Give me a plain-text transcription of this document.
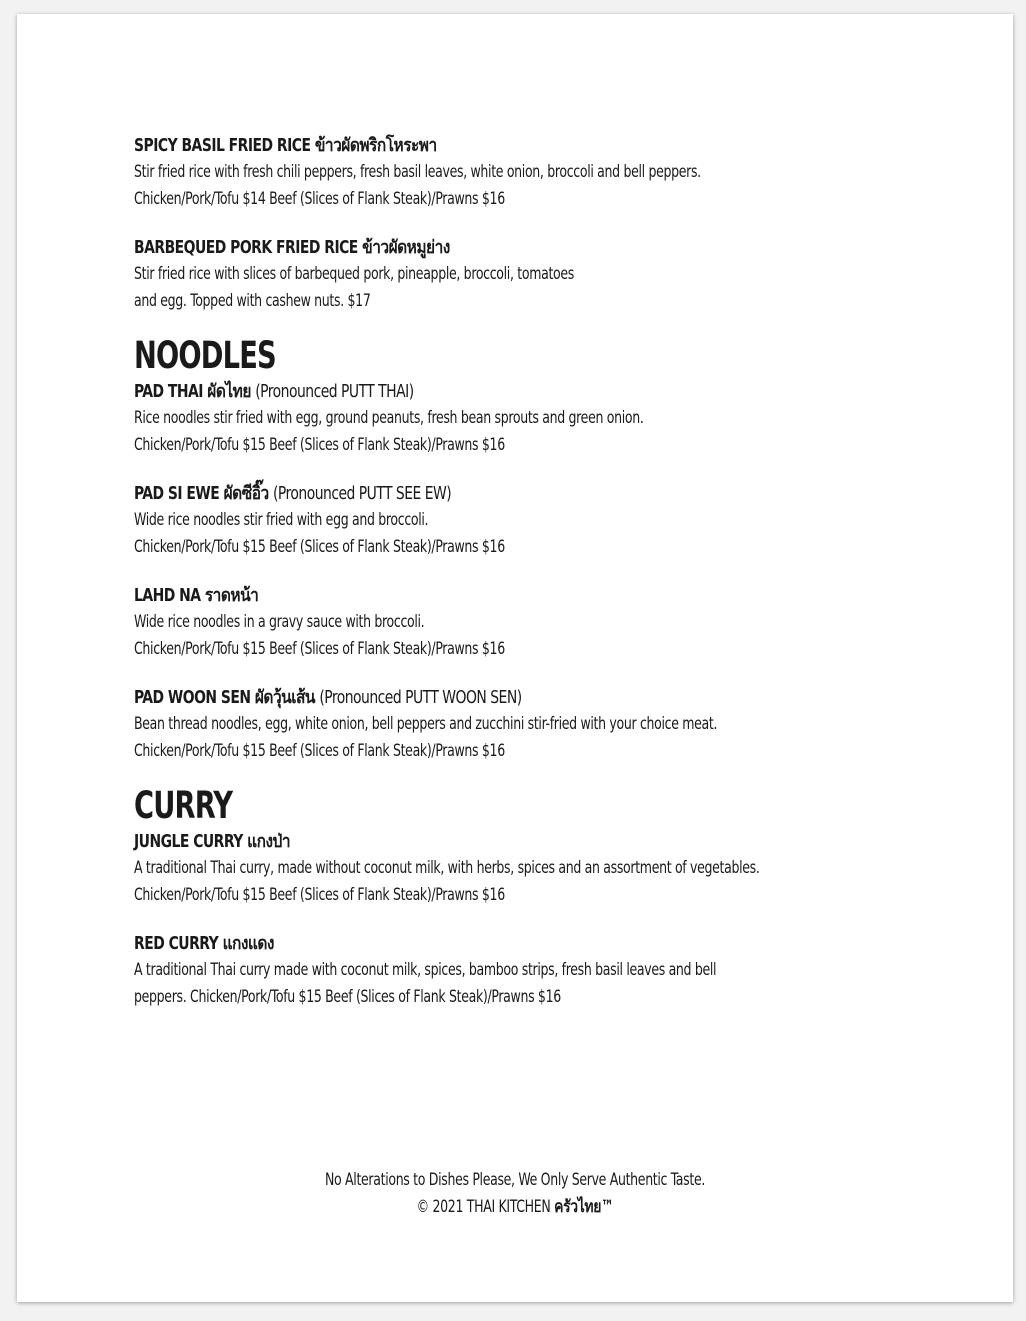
SPICY BASIL FRIED RICE ข้าวผัดพริกโหระพา
Stir fried rice with fresh chili peppers, fresh basil leaves, white onion, broccoli and bell peppers.
Chicken/Pork/Tofu $14 Beef (Slices of Flank Steak)/Prawns $16
BARBEQUED PORK FRIED RICE ข้าวผัดหมูย่าง
Stir fried rice with slices of barbequed pork, pineapple, broccoli, tomatoes
and egg. Topped with cashew nuts. $17
NOODLES
PAD THAI ผัดไทย (Pronounced PUTT THAI)
Rice noodles stir fried with egg, ground peanuts, fresh bean sprouts and green onion.
Chicken/Pork/Tofu $15 Beef (Slices of Flank Steak)/Prawns $16
PAD SI EWE ผัดซีอิ๊ว (Pronounced PUTT SEE EW)
Wide rice noodles stir fried with egg and broccoli.
Chicken/Pork/Tofu $15 Beef (Slices of Flank Steak)/Prawns $16
LAHD NA ราดหน้า
Wide rice noodles in a gravy sauce with broccoli.
Chicken/Pork/Tofu $15 Beef (Slices of Flank Steak)/Prawns $16
PAD WOON SEN ผัดวุ้นเส้น (Pronounced PUTT WOON SEN)
Bean thread noodles, egg, white onion, bell peppers and zucchini stir-fried with your choice meat.
Chicken/Pork/Tofu $15 Beef (Slices of Flank Steak)/Prawns $16
CURRY
JUNGLE CURRY แกงป่า
A traditional Thai curry, made without coconut milk, with herbs, spices and an assortment of vegetables.
Chicken/Pork/Tofu $15 Beef (Slices of Flank Steak)/Prawns $16
RED CURRY แกงแดง
A traditional Thai curry made with coconut milk, spices, bamboo strips, fresh basil leaves and bell
peppers. Chicken/Pork/Tofu $15 Beef (Slices of Flank Steak)/Prawns $16
No Alterations to Dishes Please, We Only Serve Authentic Taste.
© 2021 THAI KITCHEN ครัวไทย™
